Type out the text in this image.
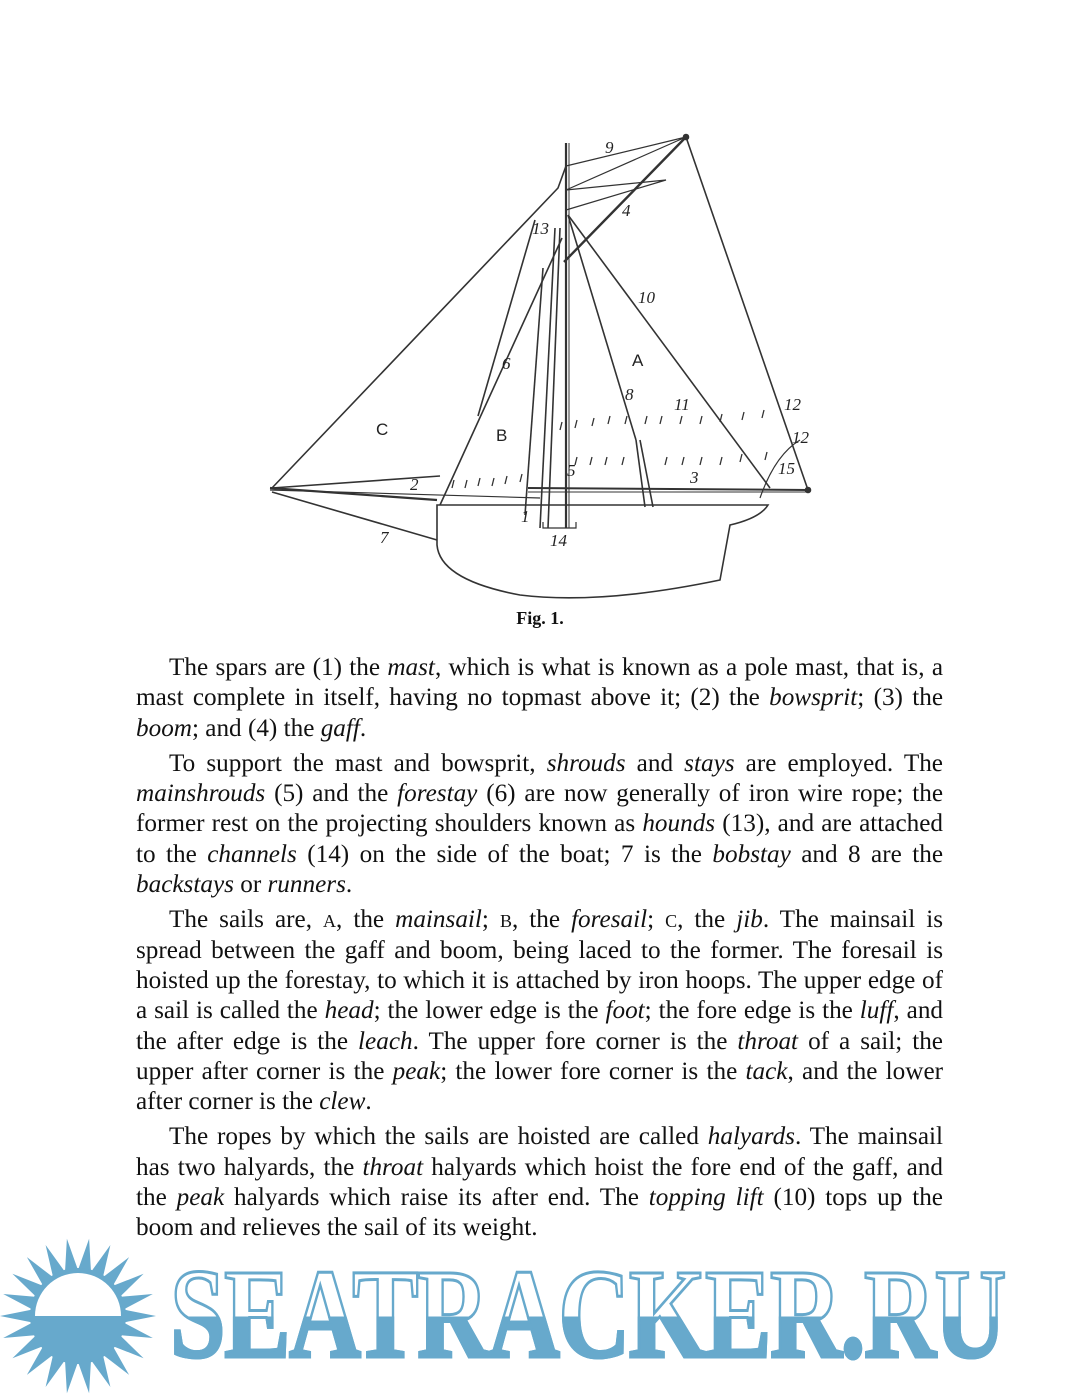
9
4
13
10
6	A
8
11	12
12
C	B
15
5
2	3
1
7	14
Fig. 1.

The spars are (1) the mast, which is what is known as a pole mast, that is, a mast complete in itself, having no topmast above it; (2) the bowsprit; (3) the boom; and (4) the gaff.

To support the mast and bowsprit, shrouds and stays are employed. The mainshrouds (5) and the forestay (6) are now generally of iron wire rope; the former rest on the projecting shoulders known as hounds (13), and are attached to the channels (14) on the side of the boat; 7 is the bobstay and 8 are the backstays or runners.

The sails are, a, the mainsail; b, the foresail; c, the jib. The mainsail is spread between the gaff and boom, being laced to the former. The foresail is hoisted up the forestay, to which it is attached by iron hoops. The upper edge of a sail is called the head; the lower edge is the foot; the fore edge is the luff, and the after edge is the leach. The upper fore corner is the throat of a sail; the upper after corner is the peak; the lower fore corner is the tack, and the lower after corner is the clew.

The ropes by which the sails are hoisted are called halyards. The mainsail has two halyards, the throat halyards which hoist the fore end of the gaff, and the peak halyards which raise its after end. The topping lift (10) tops up the boom and relieves the sail of its weight.

SEATRACKER.RU
